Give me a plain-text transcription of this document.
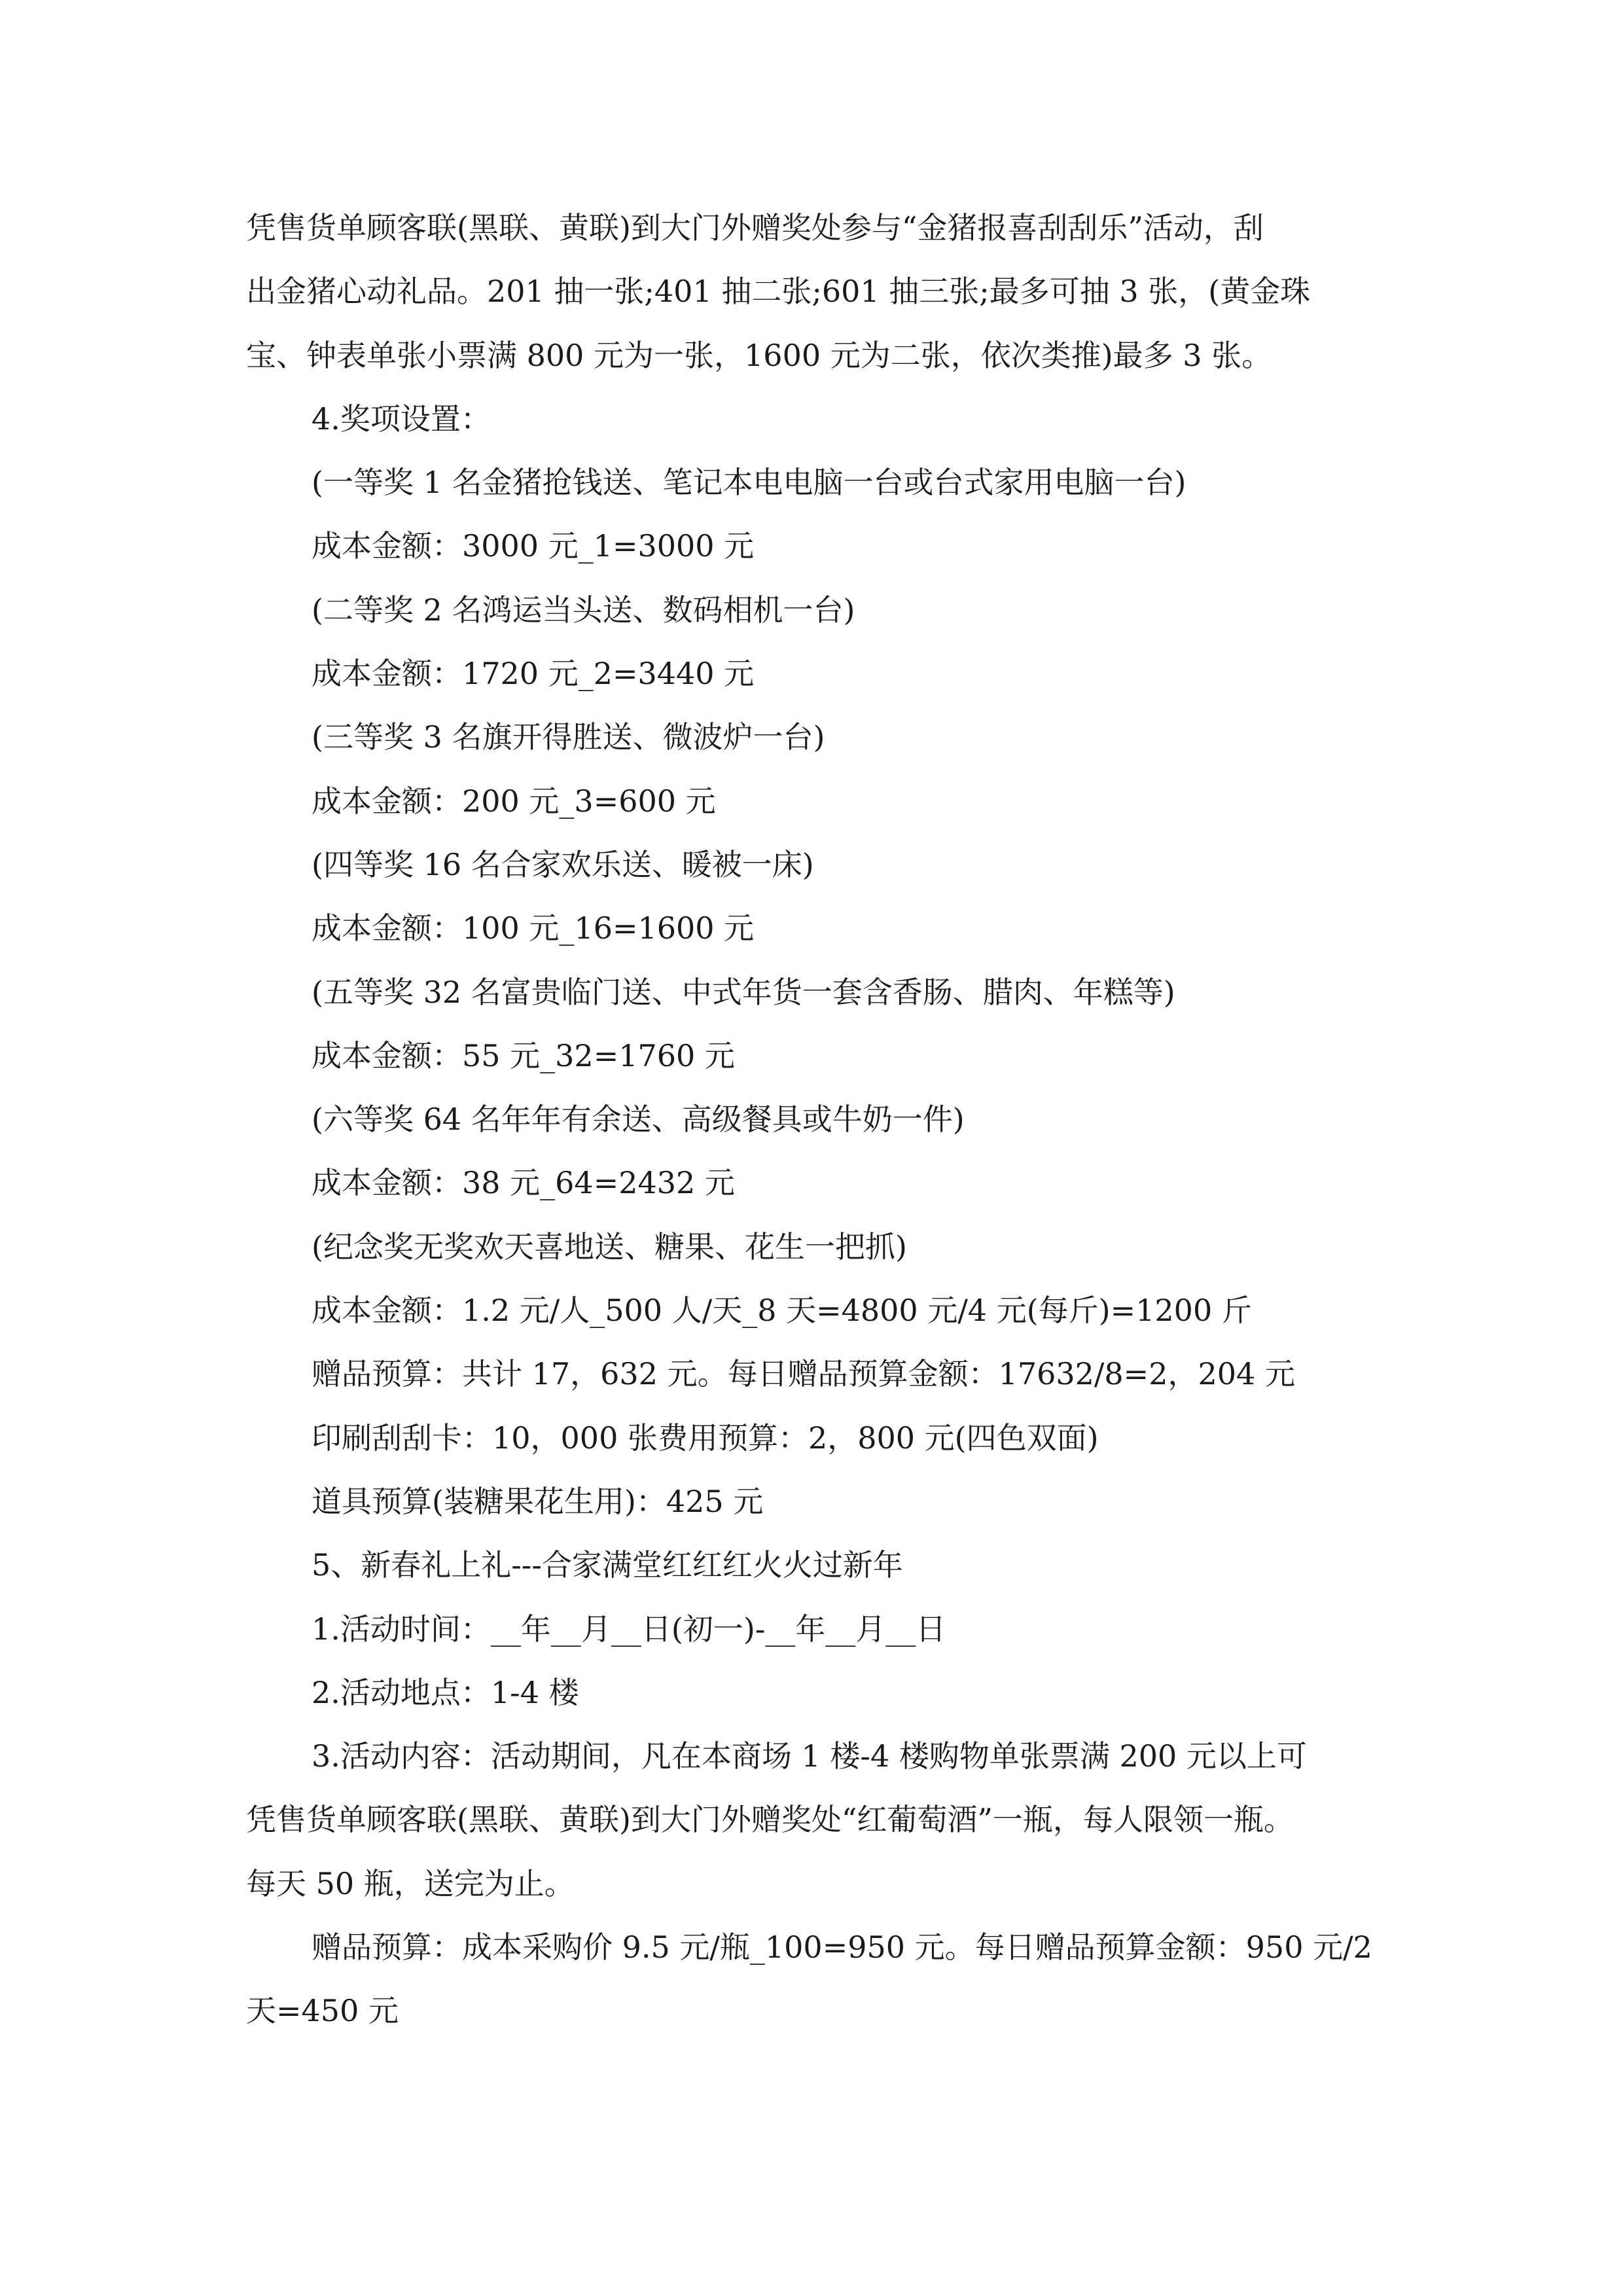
凭售货单顾客联(黑联、黄联)到大门外赠奖处参与“金猪报喜刮刮乐”活动，刮

出金猪心动礼品。201 抽一张;401 抽二张;601 抽三张;最多可抽 3 张，(黄金珠

宝、钟表单张小票满 800 元为一张，1600 元为二张，依次类推)最多 3 张。

4.奖项设置：

(一等奖 1 名金猪抢钱送、笔记本电电脑一台或台式家用电脑一台)

成本金额：3000 元_1=3000 元

(二等奖 2 名鸿运当头送、数码相机一台)

成本金额：1720 元_2=3440 元

(三等奖 3 名旗开得胜送、微波炉一台)

成本金额：200 元_3=600 元

(四等奖 16 名合家欢乐送、暖被一床)

成本金额：100 元_16=1600 元

(五等奖 32 名富贵临门送、中式年货一套含香肠、腊肉、年糕等)

成本金额：55 元_32=1760 元

(六等奖 64 名年年有余送、高级餐具或牛奶一件)

成本金额：38 元_64=2432 元

(纪念奖无奖欢天喜地送、糖果、花生一把抓)

成本金额：1.2 元/人_500 人/天_8 天=4800 元/4 元(每斤)=1200 斤

赠品预算：共计 17，632 元。每日赠品预算金额：17632/8=2，204 元

印刷刮刮卡：10，000 张费用预算：2，800 元(四色双面)

道具预算(装糖果花生用)：425 元

5、新春礼上礼---合家满堂红红红火火过新年

1.活动时间：__年__月__日(初一)-__年__月__日

2.活动地点：1-4 楼

3.活动内容：活动期间，凡在本商场 1 楼-4 楼购物单张票满 200 元以上可

凭售货单顾客联(黑联、黄联)到大门外赠奖处“红葡萄酒”一瓶，每人限领一瓶。

每天 50 瓶，送完为止。

赠品预算：成本采购价 9.5 元/瓶_100=950 元。每日赠品预算金额：950 元/2

天=450 元
